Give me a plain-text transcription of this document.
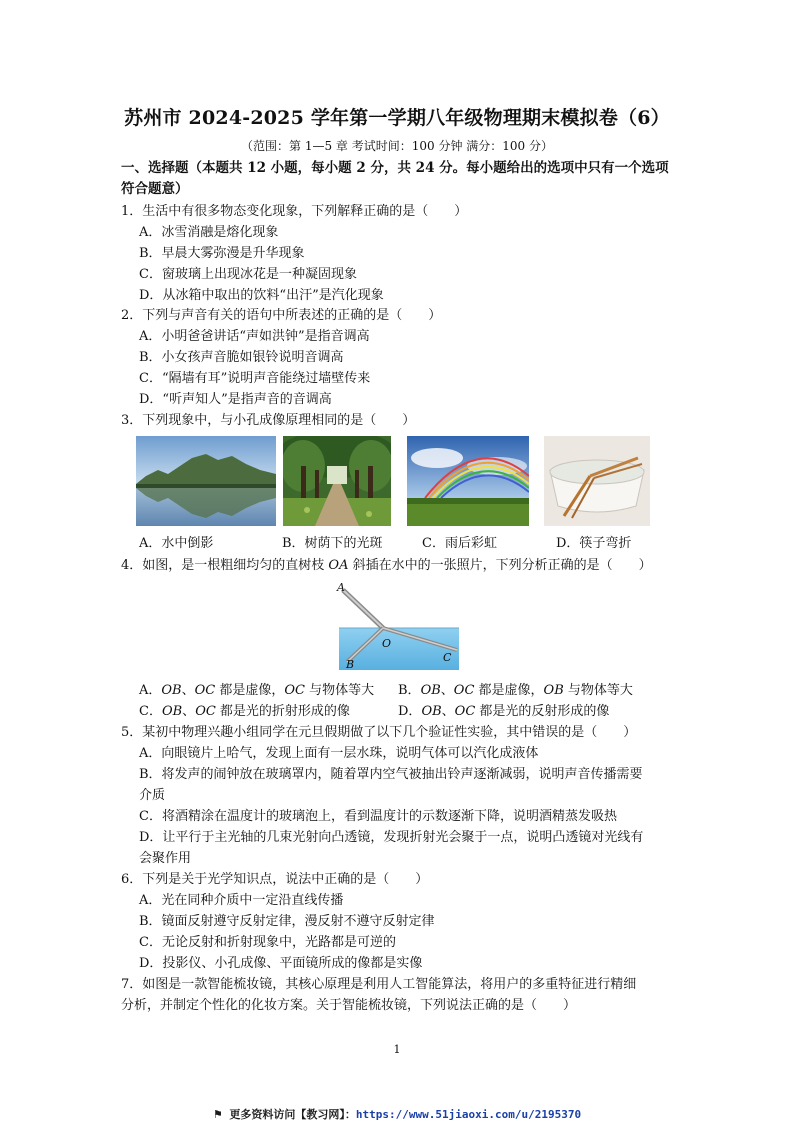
苏州市 2024-2025 学年第一学期八年级物理期末模拟卷（6）
（范围：第 1—5 章 考试时间：100 分钟 满分：100 分）
一、选择题（本题共 12 小题，每小题 2 分，共 24 分。每小题给出的选项中只有一个选项符合题意）
1．生活中有很多物态变化现象，下列解释正确的是（　　）
A．冰雪消融是熔化现象
B．早晨大雾弥漫是升华现象
C．窗玻璃上出现冰花是一种凝固现象
D．从冰箱中取出的饮料“出汗”是汽化现象
2．下列与声音有关的语句中所表述的正确的是（　　）
A．小明爸爸讲话“声如洪钟”是指音调高
B．小女孩声音脆如银铃说明音调高
C．“隔墙有耳”说明声音能绕过墙壁传来
D．“听声知人”是指声音的音调高
3．下列现象中，与小孔成像原理相同的是（　　）
A．水中倒影	B．树荫下的光斑	C．雨后彩虹	D．筷子弯折
4．如图，是一根粗细均匀的直树枝 OA 斜插在水中的一张照片，下列分析正确的是（　　）
A
O
B
C
A．OB、OC 都是虚像，OC 与物体等大 B．OB、OC 都是虚像，OB 与物体等大
C．OB、OC 都是光的折射形成的像	D．OB、OC 都是光的反射形成的像
5．某初中物理兴趣小组同学在元旦假期做了以下几个验证性实验，其中错误的是（　　）
A．向眼镜片上哈气，发现上面有一层水珠，说明气体可以汽化成液体
B．将发声的闹钟放在玻璃罩内，随着罩内空气被抽出铃声逐渐减弱，说明声音传播需要
介质
C．将酒精涂在温度计的玻璃泡上，看到温度计的示数逐渐下降，说明酒精蒸发吸热
D．让平行于主光轴的几束光射向凸透镜，发现折射光会聚于一点，说明凸透镜对光线有
会聚作用
6．下列是关于光学知识点，说法中正确的是（　　）
A．光在同种介质中一定沿直线传播
B．镜面反射遵守反射定律，漫反射不遵守反射定律
C．无论反射和折射现象中，光路都是可逆的
D．投影仪、小孔成像、平面镜所成的像都是实像
7．如图是一款智能梳妆镜，其核心原理是利用人工智能算法，将用户的多重特征进行精细
分析，并制定个性化的化妆方案。关于智能梳妆镜，下列说法正确的是（　　）
1
⚑ 更多资料访问【教习网】：https://www.51jiaoxi.com/u/2195370
